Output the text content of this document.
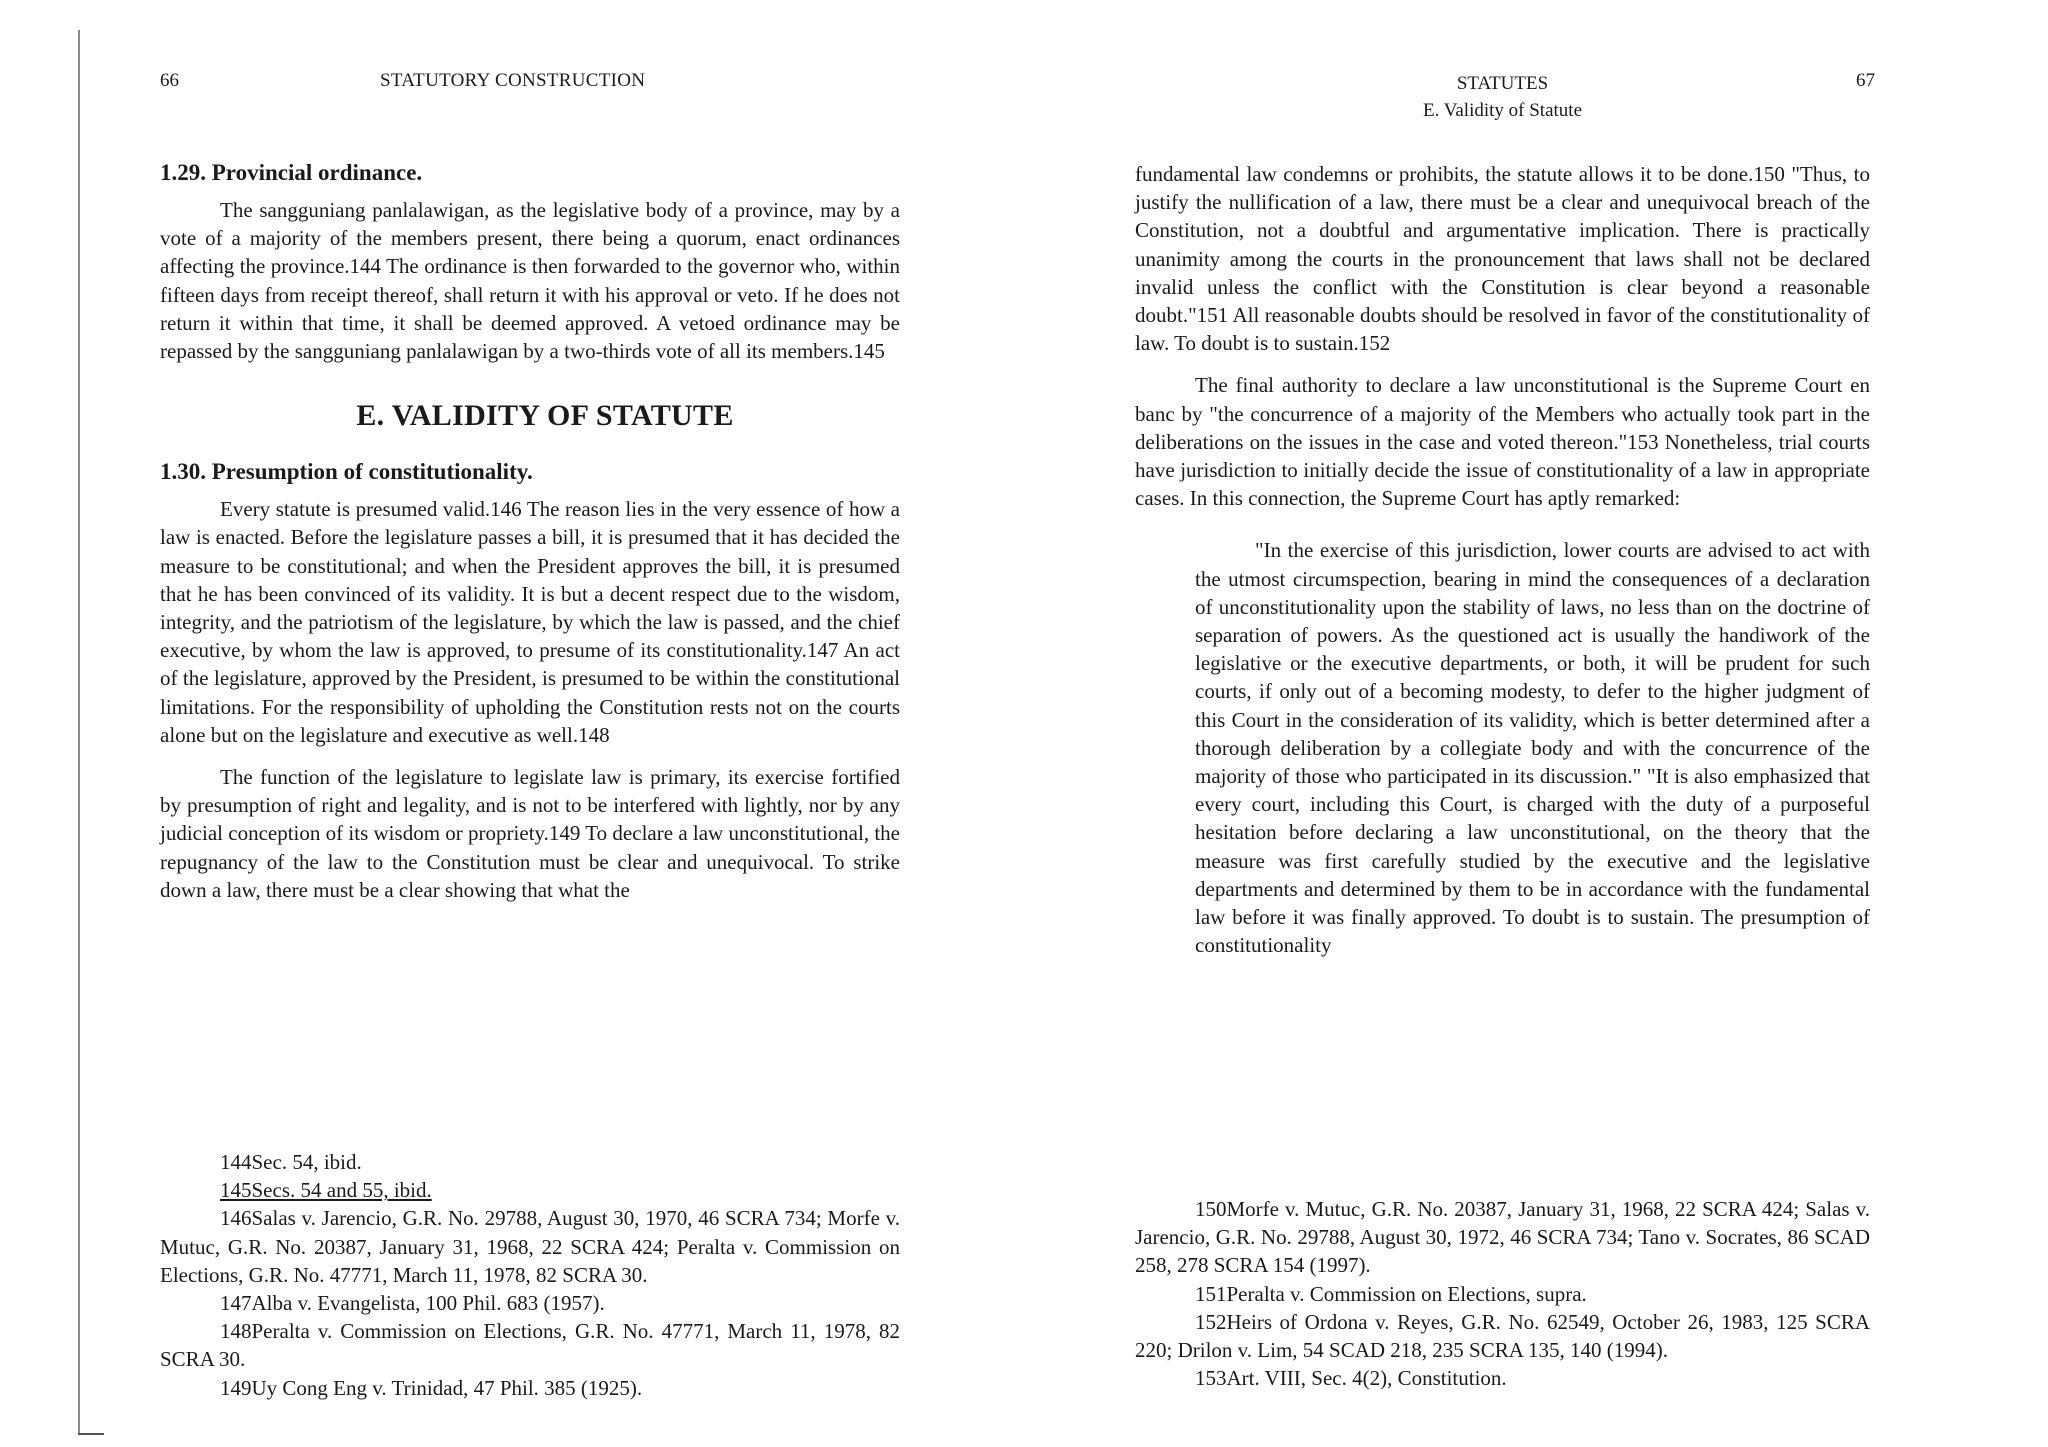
66	STATUTORY CONSTRUCTION
1.29. Provincial ordinance.

The sangguniang panlalawigan, as the legislative body of a province, may by a vote of a majority of the members present, there being a quorum, enact ordinances affecting the province.144 The ordinance is then forwarded to the governor who, within fifteen days from receipt thereof, shall return it with his approval or veto. If he does not return it within that time, it shall be deemed approved. A vetoed ordinance may be repassed by the sangguniang panlalawigan by a two-thirds vote of all its members.145

E. VALIDITY OF STATUTE
1.30. Presumption of constitutionality.

Every statute is presumed valid.146 The reason lies in the very essence of how a law is enacted. Before the legislature passes a bill, it is presumed that it has decided the measure to be constitutional; and when the President approves the bill, it is presumed that he has been convinced of its validity. It is but a decent respect due to the wisdom, integrity, and the patriotism of the legislature, by which the law is passed, and the chief executive, by whom the law is approved, to presume of its constitutionality.147 An act of the legislature, approved by the President, is presumed to be within the constitutional limitations. For the responsibility of upholding the Constitution rests not on the courts alone but on the legislature and executive as well.148

The function of the legislature to legislate law is primary, its exercise fortified by presumption of right and legality, and is not to be interfered with lightly, nor by any judicial conception of its wisdom or propriety.149 To declare a law unconstitutional, the repugnancy of the law to the Constitution must be clear and unequivocal. To strike down a law, there must be a clear showing that what the

144Sec. 54, ibid.

145Secs. 54 and 55, ibid.

146Salas v. Jarencio, G.R. No. 29788, August 30, 1970, 46 SCRA 734; Morfe v. Mutuc, G.R. No. 20387, January 31, 1968, 22 SCRA 424; Peralta v. Commission on Elections, G.R. No. 47771, March 11, 1978, 82 SCRA 30.

147Alba v. Evangelista, 100 Phil. 683 (1957).

148Peralta v. Commission on Elections, G.R. No. 47771, March 11, 1978, 82 SCRA 30.

149Uy Cong Eng v. Trinidad, 47 Phil. 385 (1925).

STATUTES
E. Validity of Statute
67

fundamental law condemns or prohibits, the statute allows it to be done.150 "Thus, to justify the nullification of a law, there must be a clear and unequivocal breach of the Constitution, not a doubtful and argumentative implication. There is practically unanimity among the courts in the pronouncement that laws shall not be declared invalid unless the conflict with the Constitution is clear beyond a reasonable doubt."151 All reasonable doubts should be resolved in favor of the constitutionality of law. To doubt is to sustain.152

The final authority to declare a law unconstitutional is the Supreme Court en banc by "the concurrence of a majority of the Members who actually took part in the deliberations on the issues in the case and voted thereon."153 Nonetheless, trial courts have jurisdiction to initially decide the issue of constitutionality of a law in appropriate cases. In this connection, the Supreme Court has aptly remarked:

"In the exercise of this jurisdiction, lower courts are advised to act with the utmost circumspection, bearing in mind the consequences of a declaration of unconstitutionality upon the stability of laws, no less than on the doctrine of separation of powers. As the questioned act is usually the handiwork of the legislative or the executive departments, or both, it will be prudent for such courts, if only out of a becoming modesty, to defer to the higher judgment of this Court in the consideration of its validity, which is better determined after a thorough deliberation by a collegiate body and with the concurrence of the majority of those who participated in its discussion." "It is also emphasized that every court, including this Court, is charged with the duty of a purposeful hesitation before declaring a law unconstitutional, on the theory that the measure was first carefully studied by the executive and the legislative departments and determined by them to be in accordance with the fundamental law before it was finally approved. To doubt is to sustain. The presumption of constitutionality

150Morfe v. Mutuc, G.R. No. 20387, January 31, 1968, 22 SCRA 424; Salas v. Jarencio, G.R. No. 29788, August 30, 1972, 46 SCRA 734; Tano v. Socrates, 86 SCAD 258, 278 SCRA 154 (1997).

151Peralta v. Commission on Elections, supra.

152Heirs of Ordona v. Reyes, G.R. No. 62549, October 26, 1983, 125 SCRA 220; Drilon v. Lim, 54 SCAD 218, 235 SCRA 135, 140 (1994).

153Art. VIII, Sec. 4(2), Constitution.
